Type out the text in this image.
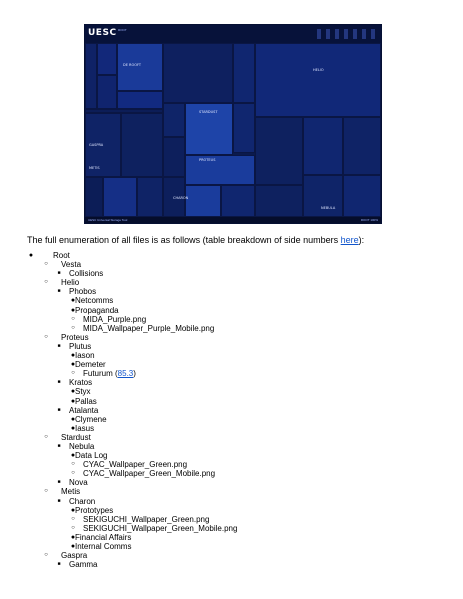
UESC ROOT
DE ROOFT
HELIO
STARDUST
PROTEUS
GASPRA
METIS
CHARON
NEBULA
UESC Universal Storage Tool	ROOT 100%
The full enumeration of all files is as follows (table breakdown of side numbers here):
● Root
○ Vesta
■	Collisions
○ Helio
■	Phobos
● Netcomms
● Propaganda
○ MIDA_Purple.png
○ MIDA_Wallpaper_Purple_Mobile.png
○ Proteus
■	Plutus
● Iason
● Demeter
○ Futurum (85.3)
■	Kratos
● Styx
● Pallas
■	Atalanta
● Clymene
● Iasus
○ Stardust
■	Nebula
● Data Log
○ CYAC_Wallpaper_Green.png
○ CYAC_Wallpaper_Green_Mobile.png
■	Nova
○ Metis
■	Charon
● Prototypes
○ SEKIGUCHI_Wallpaper_Green.png
○ SEKIGUCHI_Wallpaper_Green_Mobile.png
● Financial Affairs
● Internal Comms
○ Gaspra
■	Gamma
